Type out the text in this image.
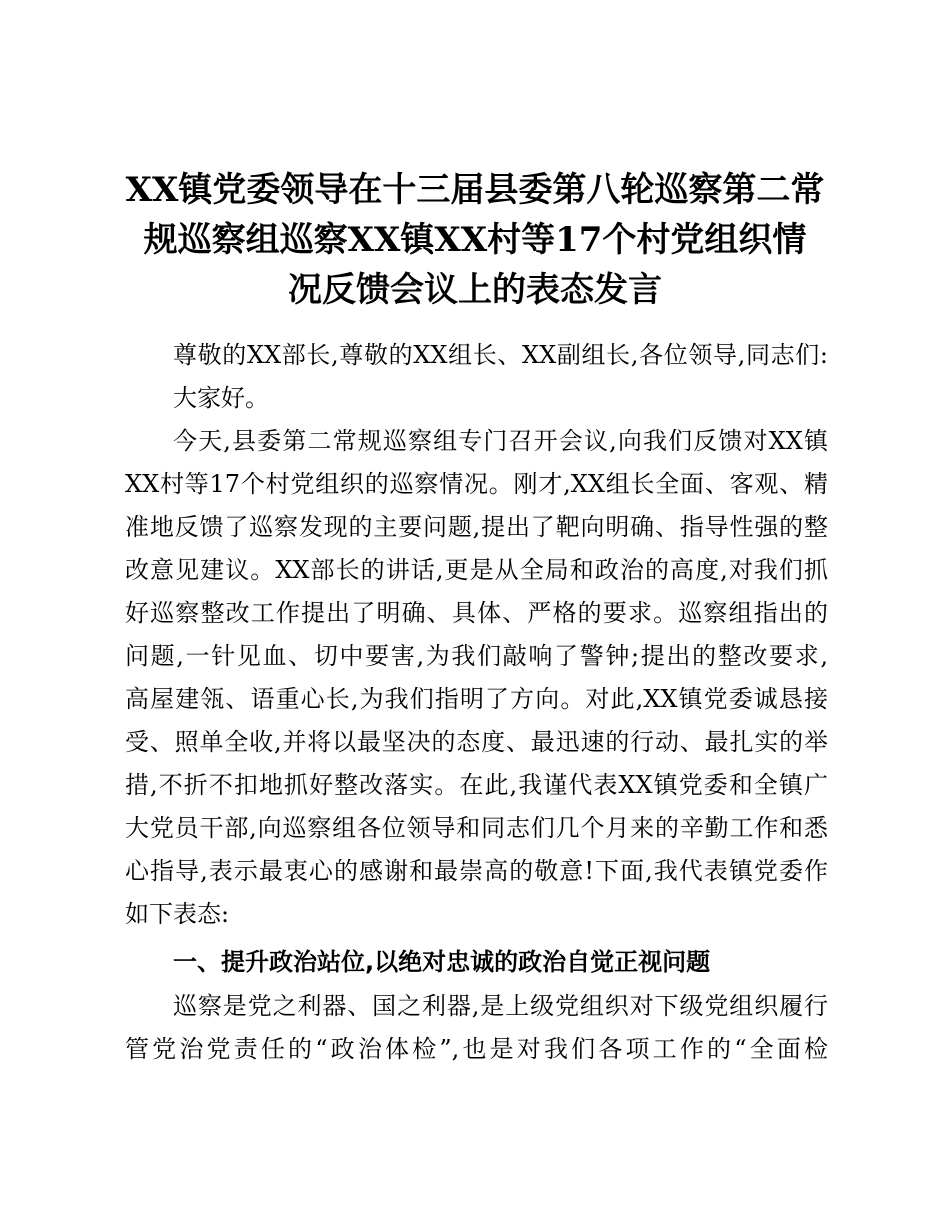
XX镇党委领导在十三届县委第八轮巡察第二常
规巡察组巡察XX镇XX村等17个村党组织情
况反馈会议上的表态发言
尊敬的XX部长,尊敬的XX组长、XX副组长,各位领导,同志们:
大家好。
今天,县委第二常规巡察组专门召开会议,向我们反馈对XX镇
XX村等17个村党组织的巡察情况。刚才,XX组长全面、客观、精
准地反馈了巡察发现的主要问题,提出了靶向明确、指导性强的整
改意见建议。XX部长的讲话,更是从全局和政治的高度,对我们抓
好巡察整改工作提出了明确、具体、严格的要求。巡察组指出的
问题,一针见血、切中要害,为我们敲响了警钟;提出的整改要求,
高屋建瓴、语重心长,为我们指明了方向。对此,XX镇党委诚恳接
受、照单全收,并将以最坚决的态度、最迅速的行动、最扎实的举
措,不折不扣地抓好整改落实。在此,我谨代表XX镇党委和全镇广
大党员干部,向巡察组各位领导和同志们几个月来的辛勤工作和悉
心指导,表示最衷心的感谢和最崇高的敬意!下面,我代表镇党委作
如下表态:
一、提升政治站位,以绝对忠诚的政治自觉正视问题
巡察是党之利器、国之利器,是上级党组织对下级党组织履行
管党治党责任的“政治体检”,也是对我们各项工作的“全面检
